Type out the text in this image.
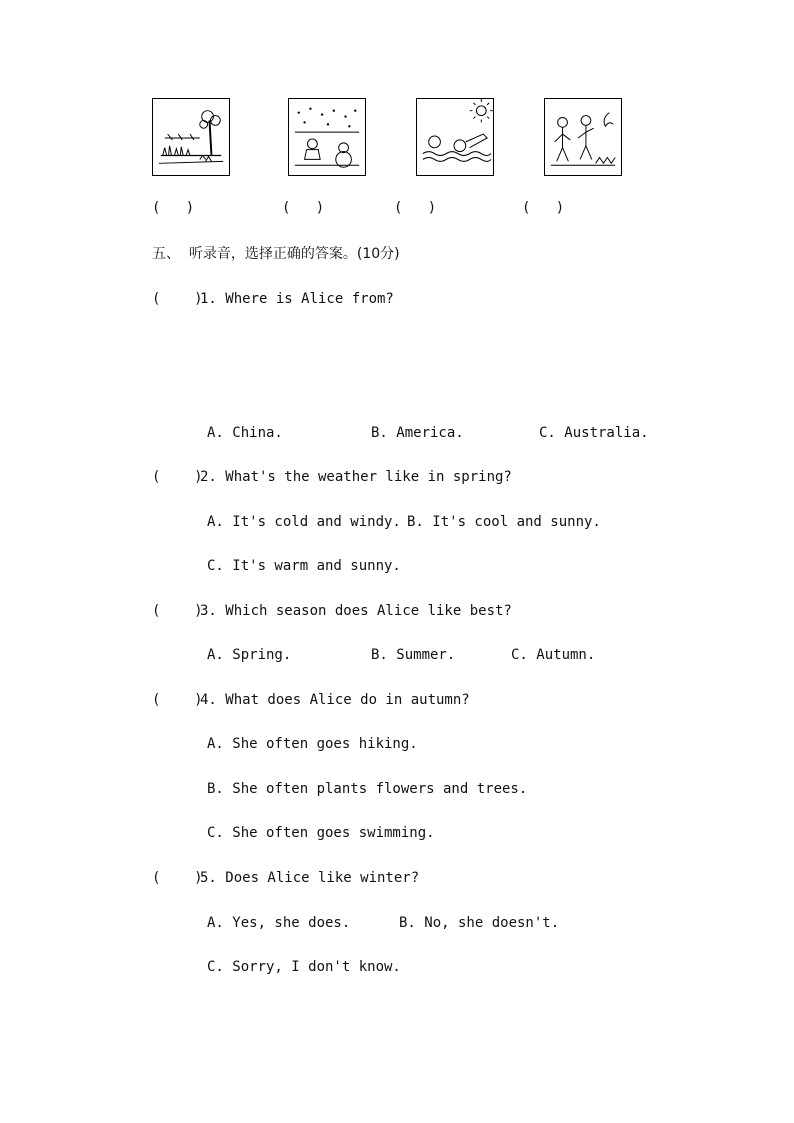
(   )	(   )	(   )	(   )
五、  听录音，选择正确的答案。(10分)
(    )
1. Where is Alice from?
A. China.	B. America.	C. Australia.
(    )
2. What's the weather like in spring?
A. It's cold and windy. B. It's cool and sunny.
C. It's warm and sunny.
(    )
3. Which season does Alice like best?
A. Spring.	B. Summer.	C. Autumn.
(    )
4. What does Alice do in autumn?
A. She often goes hiking.
B. She often plants flowers and trees.
C. She often goes swimming.
(    )
5. Does Alice like winter?
A. Yes, she does.	B. No, she doesn't.
C. Sorry, I don't know.
